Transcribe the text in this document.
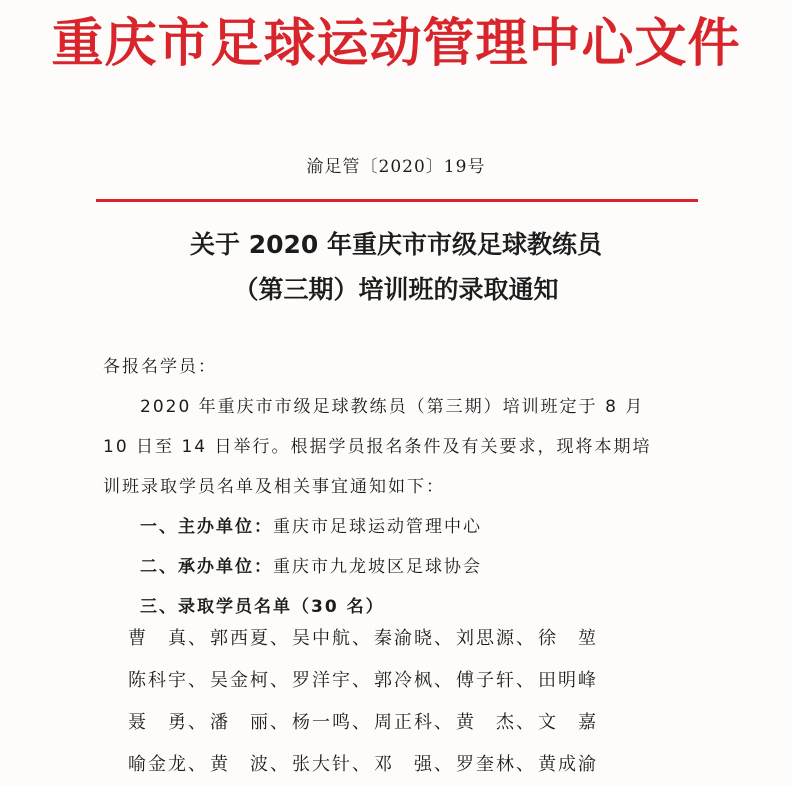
重庆市足球运动管理中心文件
渝足管〔2020〕19号
关于 2020 年重庆市市级足球教练员
（第三期）培训班的录取通知
各报名学员：
2020 年重庆市市级足球教练员（第三期）培训班定于 8 月
10 日至 14 日举行。根据学员报名条件及有关要求，现将本期培
训班录取学员名单及相关事宜通知如下：
一、主办单位：重庆市足球运动管理中心
二、承办单位：重庆市九龙坡区足球协会
三、录取学员名单（30 名）
曹　真、 郭西夏、 吴中航、 秦渝晓、 刘思源、 徐　堃
陈科宇、 吴金柯、 罗洋宇、 郭冷枫、 傅子轩、 田明峰
聂　勇、 潘　丽、 杨一鸣、 周正科、 黄　杰、 文　嘉
喻金龙、 黄　波、 张大针、 邓　强、 罗奎林、 黄成渝
